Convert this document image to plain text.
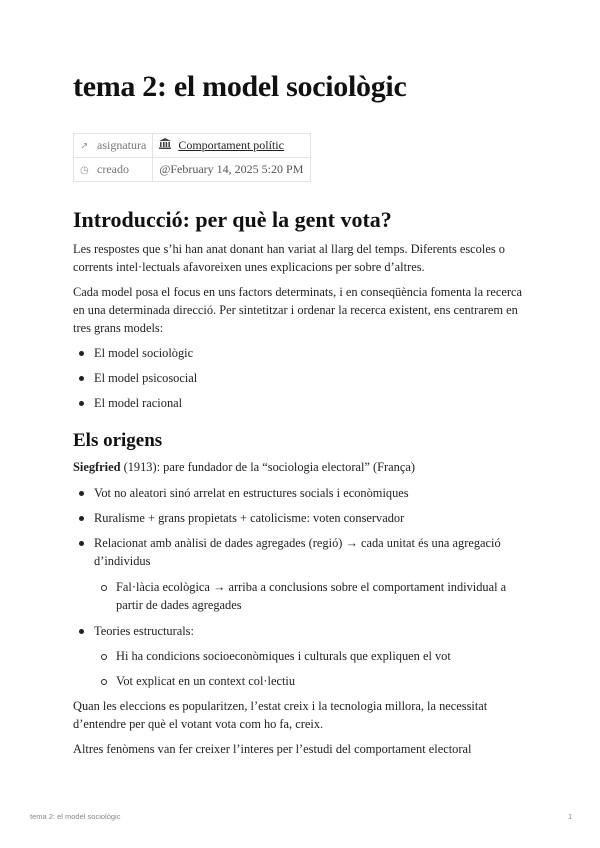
tema 2: el model sociològic
↗ asignatura	Comportament polític
◷ creado	@February 14, 2025 5:20 PM
Introducció: per què la gent vota?

Les respostes que s’hi han anat donant han variat al llarg del temps. Diferents escoles o corrents intel·lectuals afavoreixen unes explicacions per sobre d’altres.

Cada model posa el focus en uns factors determinats, i en conseqüència fomenta la recerca en una determinada direcció. Per sintetitzar i ordenar la recerca existent, ens centrarem en tres grans models:

El model sociològic
El model psicosocial
El model racional
Els origens

Siegfried (1913): pare fundador de la “sociologia electoral” (França)

Vot no aleatori sinó arrelat en estructures socials i econòmiques
Ruralisme + grans propietats + catolicisme: voten conservador
Relacionat amb anàlisi de dades agregades (regió) → cada unitat és una agregació d’individus
Fal·làcia ecològica → arriba a conclusions sobre el comportament individual a partir de dades agregades
Teories estructurals:
Hi ha condicions socioeconòmiques i culturals que expliquen el vot
Vot explicat en un context col·lectiu

Quan les eleccions es popularitzen, l’estat creix i la tecnologia millora, la necessitat d’entendre per què el votant vota com ho fa, creix.

Altres fenòmens van fer creixer l’interes per l’estudi del comportament electoral

tema 2: el model sociològic	1
